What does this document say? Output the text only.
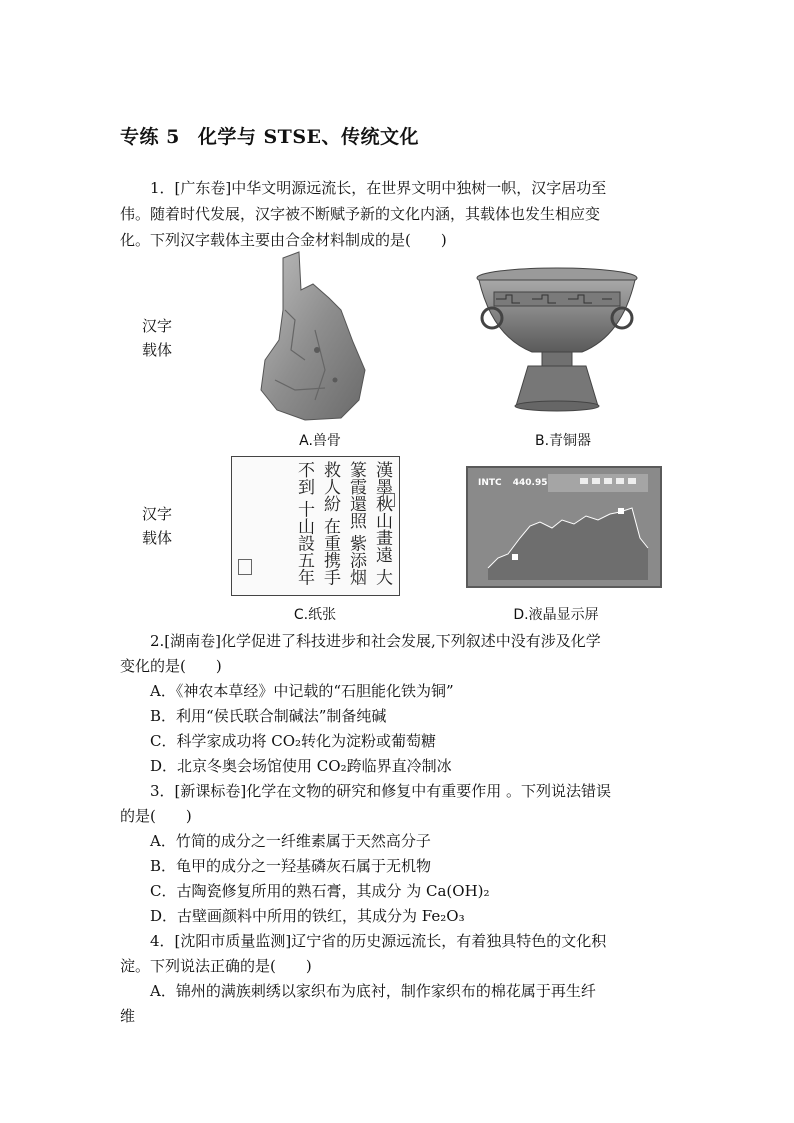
专练 5 化学与 STSE、传统文化
1．[广东卷]中华文明源远流长，在世界文明中独树一帜，汉字居功至
伟。随着时代发展，汉字被不断赋予新的文化内涵，其载体也发生相应变
化。下列汉字载体主要由合金材料制成的是(　　)
汉字载体
汉字载体
A.兽骨	B.青铜器
漢墨秋山畫遠 大篆霞還照 紫添烟救人紛 在重携手不到 十山設五年
C.纸张
INTC 440.95
D.液晶显示屏
2.[湖南卷]化学促进了科技进步和社会发展,下列叙述中没有涉及化学
变化的是(　　)
A．《神农本草经》中记载的“石胆能化铁为铜”
B．利用“侯氏联合制碱法”制备纯碱
C．科学家成功将 CO₂转化为淀粉或葡萄糖
D．北京冬奥会场馆使用 CO₂跨临界直冷制冰
3．[新课标卷]化学在文物的研究和修复中有重要作用 。下列说法错误
的是(　　)
A．竹简的成分之一纤维素属于天然高分子
B．龟甲的成分之一羟基磷灰石属于无机物
C．古陶瓷修复所用的熟石膏，其成分 为 Ca(OH)₂
D．古壁画颜料中所用的铁红，其成分为 Fe₂O₃
4．[沈阳市质量监测]辽宁省的历史源远流长，有着独具特色的文化积
淀。下列说法正确的是(　　)
A．锦州的满族刺绣以家织布为底衬，制作家织布的棉花属于再生纤
维
